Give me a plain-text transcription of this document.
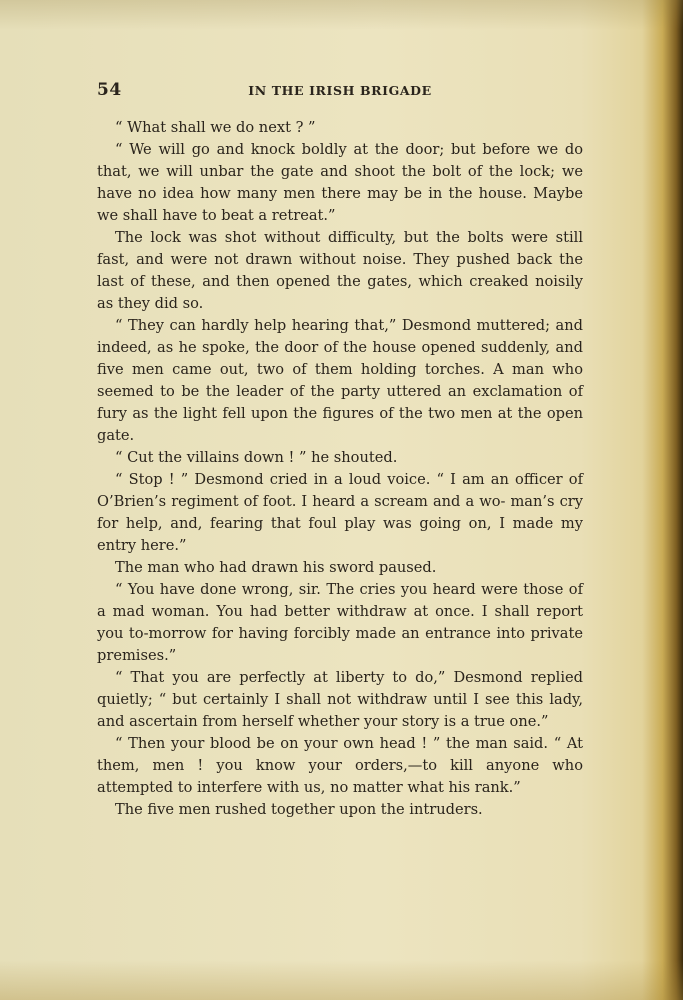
54	IN THE IRISH BRIGADE

“ What shall we do next ? ”

“ We will go and knock boldly at the door; but before we do that, we will unbar the gate and shoot the bolt of the lock; we have no idea how many men there may be in the house. Maybe we shall have to beat a retreat.”

The lock was shot without difficulty, but the bolts were still fast, and were not drawn without noise. They pushed back the last of these, and then opened the gates, which creaked noisily as they did so.

“ They can hardly help hearing that,” Desmond muttered; and indeed, as he spoke, the door of the house opened suddenly, and five men came out, two of them holding torches. A man who seemed to be the leader of the party uttered an exclamation of fury as the light fell upon the figures of the two men at the open gate.

“ Cut the villains down ! ” he shouted.

“ Stop ! ” Desmond cried in a loud voice. “ I am an officer of O’Brien’s regiment of foot. I heard a scream and a wo- man’s cry for help, and, fearing that foul play was going on, I made my entry here.”

The man who had drawn his sword paused.

“ You have done wrong, sir. The cries you heard were those of a mad woman. You had better withdraw at once. I shall report you to-morrow for having forcibly made an entrance into private premises.”

“ That you are perfectly at liberty to do,” Desmond replied quietly; “ but certainly I shall not withdraw until I see this lady, and ascertain from herself whether your story is a true one.”

“ Then your blood be on your own head ! ” the man said. “ At them, men ! you know your orders,—to kill anyone who attempted to interfere with us, no matter what his rank.”

The five men rushed together upon the intruders.
